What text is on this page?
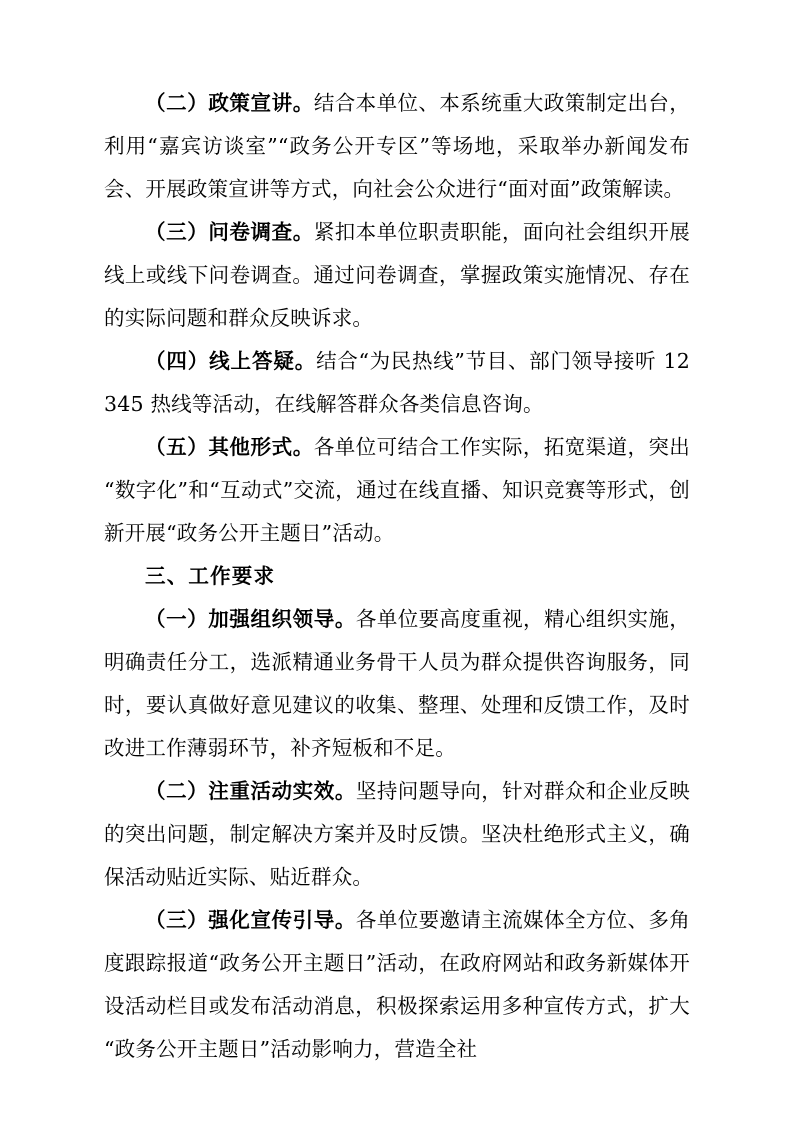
（二）政策宣讲。结合本单位、本系统重大政策制定出台，利用“嘉宾访谈室”“政务公开专区”等场地，采取举办新闻发布会、开展政策宣讲等方式，向社会公众进行“面对面”政策解读。

（三）问卷调查。紧扣本单位职责职能，面向社会组织开展线上或线下问卷调查。通过问卷调查，掌握政策实施情况、存在的实际问题和群众反映诉求。

（四）线上答疑。结合“为民热线”节目、部门领导接听 12345 热线等活动，在线解答群众各类信息咨询。

（五）其他形式。各单位可结合工作实际，拓宽渠道，突出“数字化”和“互动式”交流，通过在线直播、知识竞赛等形式，创新开展“政务公开主题日”活动。

三、工作要求

（一）加强组织领导。各单位要高度重视，精心组织实施，明确责任分工，选派精通业务骨干人员为群众提供咨询服务，同时，要认真做好意见建议的收集、整理、处理和反馈工作，及时改进工作薄弱环节，补齐短板和不足。

（二）注重活动实效。坚持问题导向，针对群众和企业反映的突出问题，制定解决方案并及时反馈。坚决杜绝形式主义，确保活动贴近实际、贴近群众。

（三）强化宣传引导。各单位要邀请主流媒体全方位、多角度跟踪报道“政务公开主题日”活动，在政府网站和政务新媒体开设活动栏目或发布活动消息，积极探索运用多种宣传方式，扩大“政务公开主题日”活动影响力，营造全社
